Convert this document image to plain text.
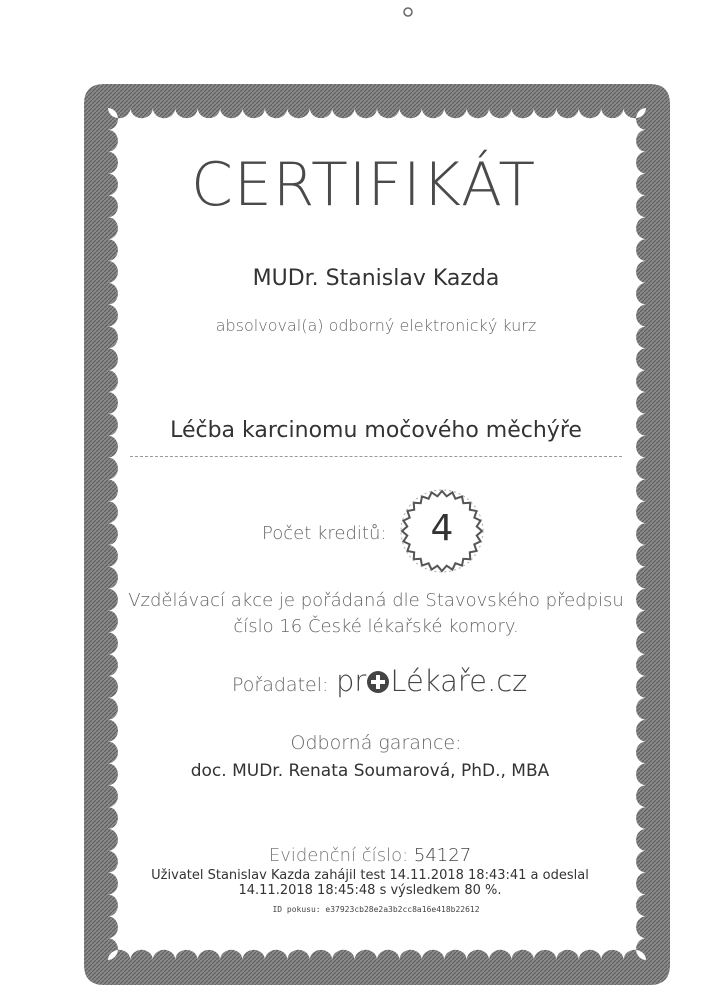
CERTIFIKÁT
MUDr. Stanislav Kazda
absolvoval(a) odborný elektronický kurz
Léčba karcinomu močového měchýře
Počet kreditů:	4
Vzdělávací akce je pořádaná dle Stavovského předpisu
číslo 16 České lékařské komory.
Pořadatel: pr Lékaře.cz
Odborná garance:
doc. MUDr. Renata Soumarová, PhD., MBA
Evidenční číslo: 54127
Uživatel Stanislav Kazda zahájil test 14.11.2018 18:43:41 a odeslal
14.11.2018 18:45:48 s výsledkem 80 %.
ID pokusu: e37923cb28e2a3b2cc8a16e418b22612
